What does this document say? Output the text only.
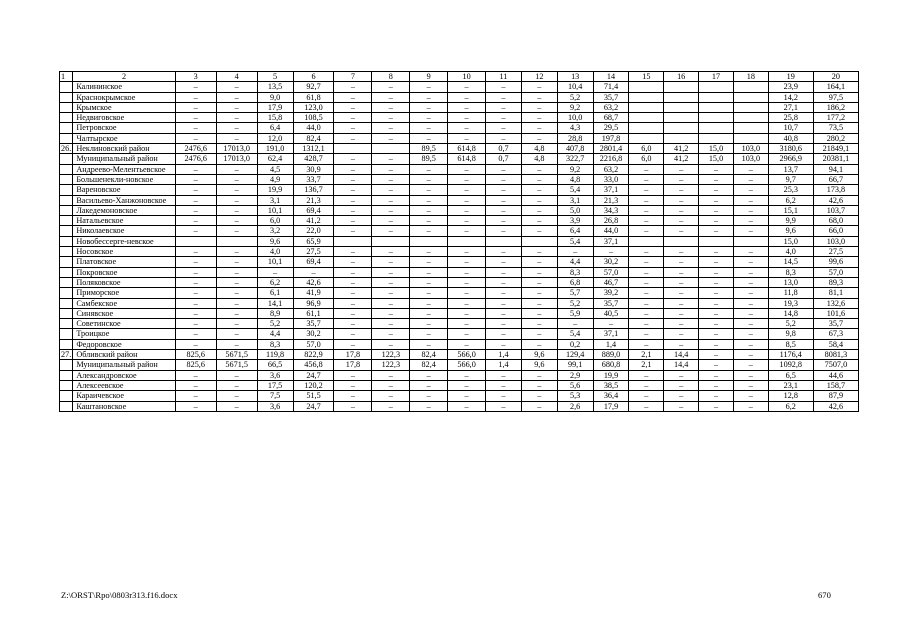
1	2	3	4	5	6	7	8	9	10	11	12	13	14	15	16	17	18	19	20
	Калининское	–	–	13,5	92,7	–	–	–	–	–	–	10,4	71,4					23,9	164,1
	Краснокрымское	–	–	9,0	61,8	–	–	–	–	–	–	5,2	35,7					14,2	97,5
	Крымское	–	–	17,9	123,0	–	–	–	–	–	–	9,2	63,2					27,1	186,2
	Недвиговское	–	–	15,8	108,5	–	–	–	–	–	–	10,0	68,7					25,8	177,2
	Петровское	–	–	6,4	44,0	–	–	–	–	–	–	4,3	29,5					10,7	73,5
	Чалтырское	–	–	12,0	82,4	–	–	–	–	–	–	28,8	197,8					40,8	280,2
26.	Неклиновский район	2476,6	17013,0	191,0	1312,1			89,5	614,8	0,7	4,8	407,8	2801,4	6,0	41,2	15,0	103,0	3180,6	21849,1
	Муниципальный район	2476,6	17013,0	62,4	428,7	–	–	89,5	614,8	0,7	4,8	322,7	2216,8	6,0	41,2	15,0	103,0	2966,9	20381,1
	Андреево-Мелентьевское	–	–	4,5	30,9	–	–	–	–	–	–	9,2	63,2	–	–	–	–	13,7	94,1
	Большенекли-новское	–	–	4,9	33,7	–	–	–	–	–	–	4,8	33,0	–	–	–	–	9,7	66,7
	Вареновское	–	–	19,9	136,7	–	–	–	–	–	–	5,4	37,1	–	–	–	–	25,3	173,8
	Васильево-Ханжоновское	–	–	3,1	21,3	–	–	–	–	–	–	3,1	21,3	–	–	–	–	6,2	42,6
	Лакедемоновское	–	–	10,1	69,4	–	–	–	–	–	–	5,0	34,3	–	–	–	–	15,1	103,7
	Натальевское	–	–	6,0	41,2	–	–	–	–	–	–	3,9	26,8	–	–	–	–	9,9	68,0
	Николаевское	–	–	3,2	22,0	–	–	–	–	–	–	6,4	44,0	–	–	–	–	9,6	66,0
	Новобессерге-невское			9,6	65,9							5,4	37,1					15,0	103,0
	Носовское	–	–	4,0	27,5	–	–	–	–	–	–	–	–	–	–	–	–	4,0	27,5
	Платовское	–	–	10,1	69,4	–	–	–	–	–	–	4,4	30,2	–	–	–	–	14,5	99,6
	Покровское	–	–	–	–	–	–	–	–	–	–	8,3	57,0	–	–	–	–	8,3	57,0
	Поляковское	–	–	6,2	42,6	–	–	–	–	–	–	6,8	46,7	–	–	–	–	13,0	89,3
	Приморское	–	–	6,1	41,9	–	–	–	–	–	–	5,7	39,2	–	–	–	–	11,8	81,1
	Самбекское	–	–	14,1	96,9	–	–	–	–	–	–	5,2	35,7	–	–	–	–	19,3	132,6
	Синявское	–	–	8,9	61,1	–	–	–	–	–	–	5,9	40,5	–	–	–	–	14,8	101,6
	Советинское	–	–	5,2	35,7	–	–	–	–	–	–	–	–	–	–	–	–	5,2	35,7
	Троицкое	–	–	4,4	30,2	–	–	–	–	–	–	5,4	37,1	–	–	–	–	9,8	67,3
	Федоровское	–	–	8,3	57,0	–	–	–	–	–	–	0,2	1,4	–	–	–	–	8,5	58,4
27.	Обливский район	825,6	5671,5	119,8	822,9	17,8	122,3	82,4	566,0	1,4	9,6	129,4	889,0	2,1	14,4	–	–	1176,4	8081,3
	Муниципальный район	825,6	5671,5	66,5	456,8	17,8	122,3	82,4	566,0	1,4	9,6	99,1	680,8	2,1	14,4	–	–	1092,8	7507,0
	Александровское	–	–	3,6	24,7	–	–	–	–	–	–	2,9	19,9	–	–	–	–	6,5	44,6
	Алексеевское	–	–	17,5	120,2	–	–	–	–	–	–	5,6	38,5	–	–	–	–	23,1	158,7
	Караичевское	–	–	7,5	51,5	–	–	–	–	–	–	5,3	36,4	–	–	–	–	12,8	87,9
	Каштановское	–	–	3,6	24,7	–	–	–	–	–	–	2,6	17,9	–	–	–	–	6,2	42,6
Z:\ORST\Rpo\0803r313.f16.docx	670
